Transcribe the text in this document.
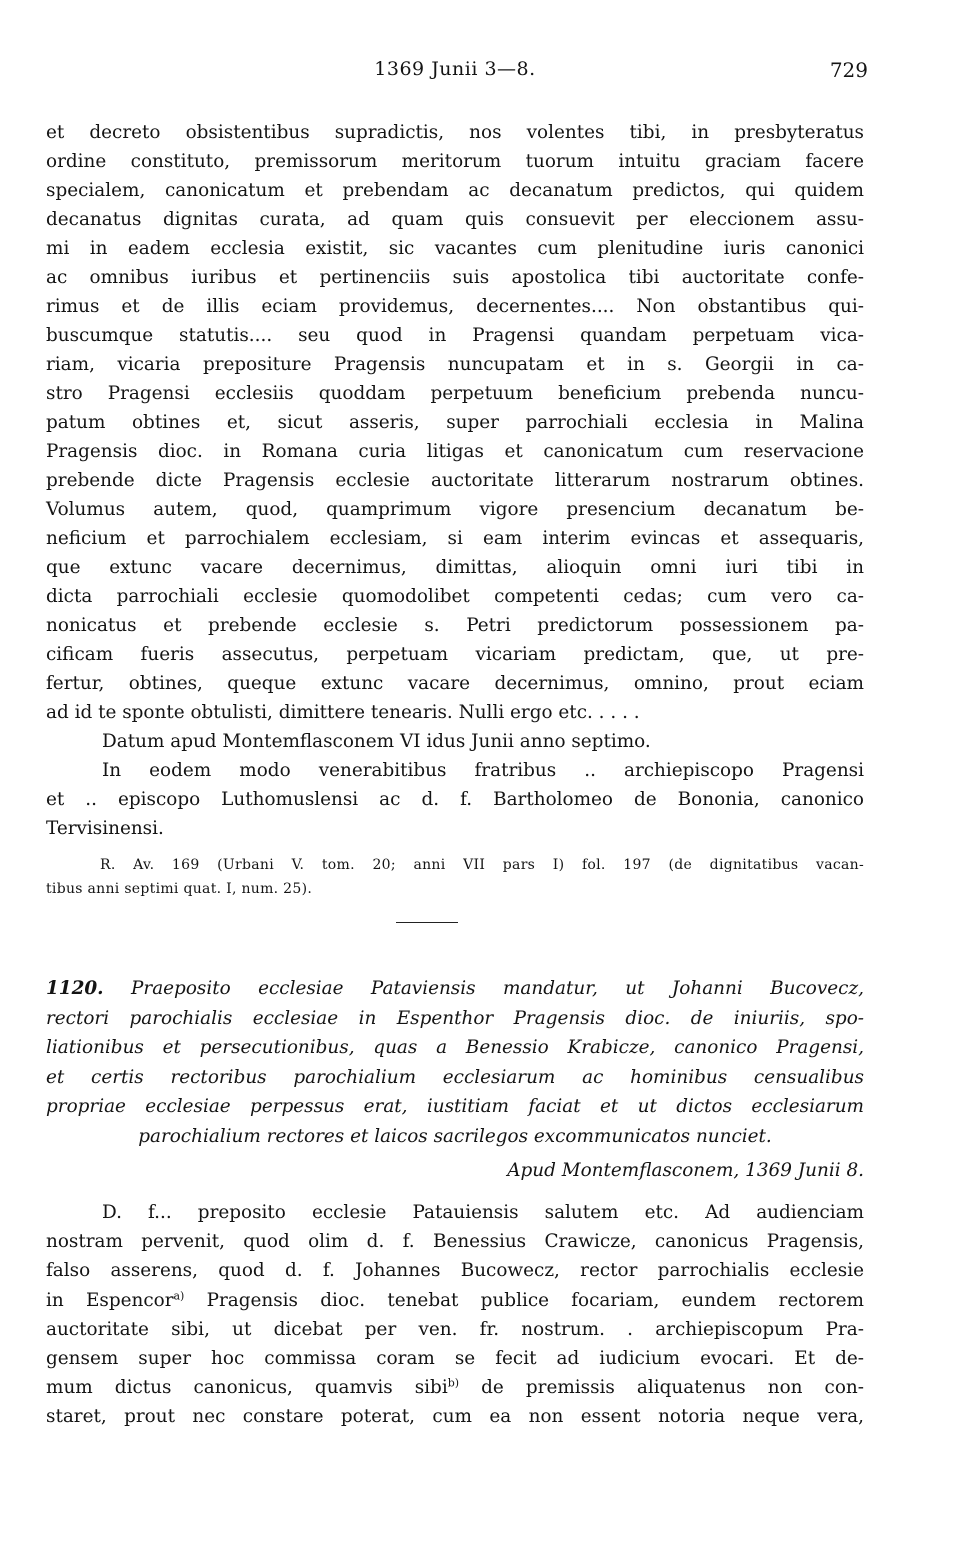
1369 Junii 3—8.	729
et decreto obsistentibus supradictis, nos volentes tibi, in presbyteratus
ordine constituto, premissorum meritorum tuorum intuitu graciam facere
specialem, canonicatum et prebendam ac decanatum predictos, qui quidem
decanatus dignitas curata, ad quam quis consuevit per eleccionem assu-
mi in eadem ecclesia existit, sic vacantes cum plenitudine iuris canonici
ac omnibus iuribus et pertinenciis suis apostolica tibi auctoritate confe-
rimus et de illis eciam providemus, decernentes.... Non obstantibus qui-
buscumque statutis.... seu quod in Pragensi quandam perpetuam vica-
riam, vicaria prepositure Pragensis nuncupatam et in s. Georgii in ca-
stro Pragensi ecclesiis quoddam perpetuum beneficium prebenda nuncu-
patum obtines et, sicut asseris, super parrochiali ecclesia in Malina
Pragensis dioc. in Romana curia litigas et canonicatum cum reservacione
prebende dicte Pragensis ecclesie auctoritate litterarum nostrarum obtines.
Volumus autem, quod, quamprimum vigore presencium decanatum be-
neficium et parrochialem ecclesiam, si eam interim evincas et assequaris,
que extunc vacare decernimus, dimittas, alioquin omni iuri tibi in
dicta parrochiali ecclesie quomodolibet competenti cedas; cum vero ca-
nonicatus et prebende ecclesie s. Petri predictorum possessionem pa-
cificam fueris assecutus, perpetuam vicariam predictam, que, ut pre-
fertur, obtines, queque extunc vacare decernimus, omnino, prout eciam
ad id te sponte obtulisti, dimittere tenearis. Nulli ergo etc. . . . .
Datum apud Montemflasconem VI idus Junii anno septimo.
In eodem modo venerabitibus fratribus .. archiepiscopo Pragensi
et .. episcopo Luthomuslensi ac d. f. Bartholomeo de Bononia, canonico
Tervisinensi.
R. Av. 169 (Urbani V. tom. 20; anni VII pars I) fol. 197 (de dignitatibus vacan-
tibus anni septimi quat. I, num. 25).
1120. Praeposito ecclesiae Pataviensis mandatur, ut Johanni Bucovecz,
rectori parochialis ecclesiae in Espenthor Pragensis dioc. de iniuriis, spo-
liationibus et persecutionibus, quas a Benessio Krabicze, canonico Pragensi,
et certis rectoribus parochialium ecclesiarum ac hominibus censualibus
propriae ecclesiae perpessus erat, iustitiam faciat et ut dictos ecclesiarum
parochialium rectores et laicos sacrilegos excommunicatos nunciet.
Apud Montemflasconem, 1369 Junii 8.
D. f... preposito ecclesie Patauiensis salutem etc. Ad audienciam
nostram pervenit, quod olim d. f. Benessius Crawicze, canonicus Pragensis,
falso asserens, quod d. f. Johannes Bucowecz, rector parrochialis ecclesie
in Espencor$^{a)}$ Pragensis dioc. tenebat publice focariam, eundem rectorem
auctoritate sibi, ut dicebat per ven. fr. nostrum. . archiepiscopum Pra-
gensem super hoc commissa coram se fecit ad iudicium evocari. Et de-
mum dictus canonicus, quamvis sibi$^{b)}$ de premissis aliquatenus non con-
staret, prout nec constare poterat, cum ea non essent notoria neque vera,
